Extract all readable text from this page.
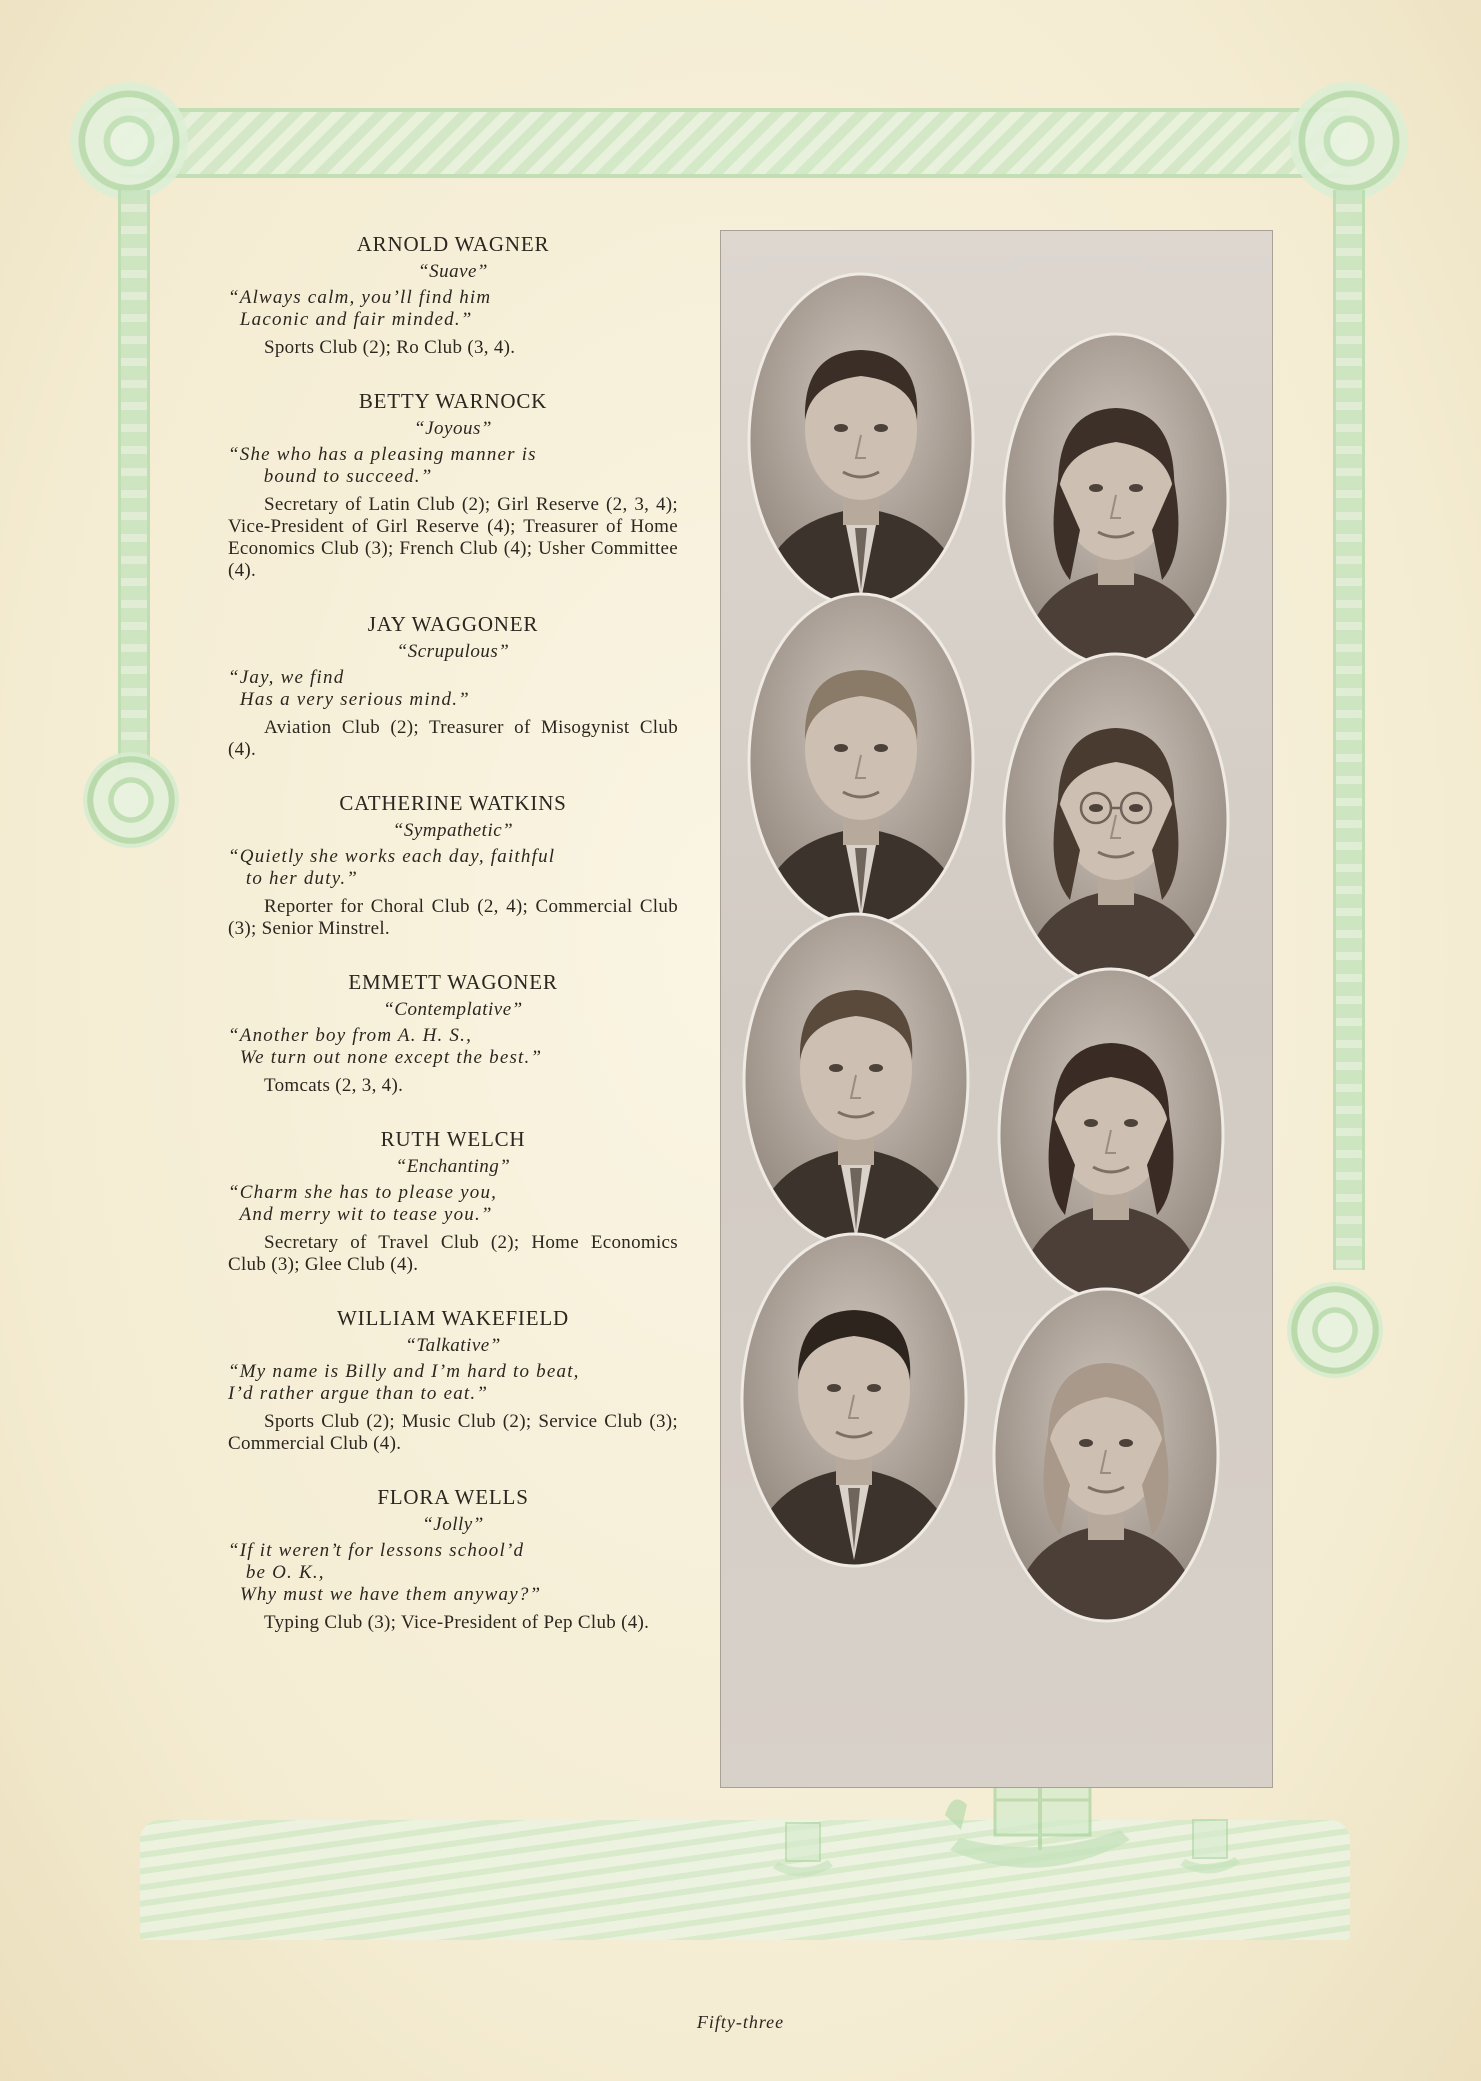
ARNOLD WAGNER
“Suave”
“Always calm, you’ll find him
Laconic and fair minded.”
Sports Club (2); Ro Club (3, 4).
BETTY WARNOCK
“Joyous”
“She who has a pleasing manner is
bound to succeed.”
Secretary of Latin Club (2); Girl Reserve (2, 3, 4); Vice-President of Girl Reserve (4); Treasurer of Home Economics Club (3); French Club (4); Usher Committee (4).
JAY WAGGONER
“Scrupulous”
“Jay, we find
Has a very serious mind.”
Aviation Club (2); Treasurer of Misogynist Club (4).
CATHERINE WATKINS
“Sympathetic”
“Quietly she works each day, faithful
to her duty.”
Reporter for Choral Club (2, 4); Commercial Club (3); Senior Minstrel.
EMMETT WAGONER
“Contemplative”
“Another boy from A. H. S.,
We turn out none except the best.”
Tomcats (2, 3, 4).
RUTH WELCH
“Enchanting”
“Charm she has to please you,
And merry wit to tease you.”
Secretary of Travel Club (2); Home Economics Club (3); Glee Club (4).
WILLIAM WAKEFIELD
“Talkative”
“My name is Billy and I’m hard to beat,
I’d rather argue than to eat.”
Sports Club (2); Music Club (2); Service Club (3); Commercial Club (4).
FLORA WELLS
“Jolly”
“If it weren’t for lessons school’d
be O. K.,
Why must we have them anyway?”
Typing Club (3); Vice-President of Pep Club (4).
Fifty-three
